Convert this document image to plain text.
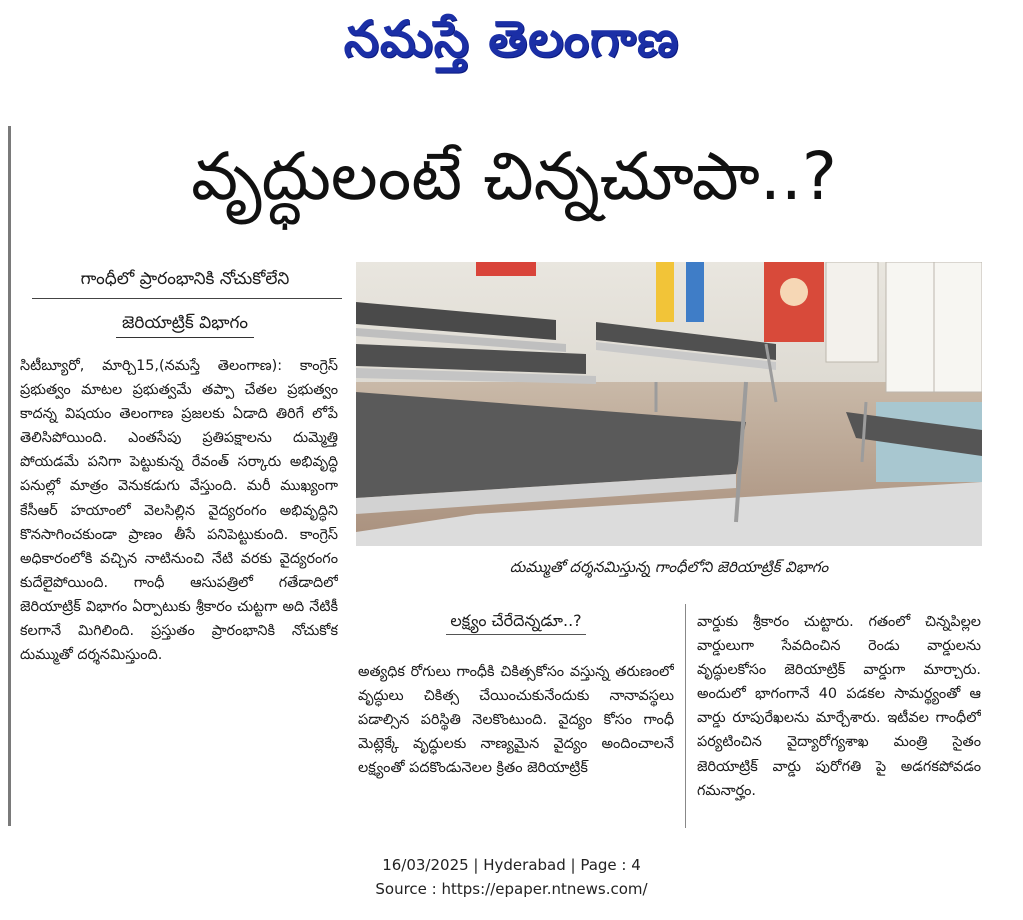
నమస్తే తెలంగాణ
వృద్ధులంటే చిన్నచూపా..?
గాంధీలో ప్రారంభానికి నోచుకోలేని
జెరియాట్రిక్ విభాగం

సిటీబ్యూరో, మార్చి15,(నమస్తే తెలంగాణ): కాంగ్రెస్ ప్రభుత్వం మాటల ప్రభుత్వమే తప్పా చేతల ప్రభుత్వం కాదన్న విషయం తెలంగాణ ప్రజలకు ఏడాది తిరిగే లోపే తెలిసిపోయింది. ఎంతసేపు ప్రతిపక్షాలను దుమ్మెత్తి పోయడమే పనిగా పెట్టుకున్న రేవంత్ సర్కారు అభివృద్ధి పనుల్లో మాత్రం వెనుకడుగు వేస్తుంది. మరీ ముఖ్యంగా కేసీఆర్ హయాంలో వెలసిల్లిన వైద్యరంగం అభివృద్ధిని కొనసాగించకుండా ప్రాణం తీసే పనిపెట్టుకుంది. కాంగ్రెస్ అధికారంలోకి వచ్చిన నాటినుంచి నేటి వరకు వైద్యరంగం కుదేలైపోయింది. గాంధీ ఆసుపత్రిలో గతేడాదిలో జెరియాట్రిక్ విభాగం ఏర్పాటుకు శ్రీకారం చుట్టగా అది నేటికీ కలగానే మిగిలింది. ప్రస్తుతం ప్రారంభానికి నోచుకోక దుమ్ముతో దర్శనమిస్తుంది.

దుమ్ముతో దర్శనమిస్తున్న గాంధీలోని జెరియాట్రిక్ విభాగం
లక్ష్యం చేరేదెన్నడూ..?

అత్యధిక రోగులు గాంధీకి చికిత్సకోసం వస్తున్న తరుణంలో వృద్ధులు చికిత్స చేయించుకునేందుకు నానావస్థలు పడాల్సిన పరిస్థితి నెలకొంటుంది. వైద్యం కోసం గాంధీ మెట్లెక్కే వృద్ధులకు నాణ్యమైన వైద్యం అందించాలనే లక్ష్యంతో పదకొండునెలల క్రితం జెరియాట్రిక్

వార్డుకు శ్రీకారం చుట్టారు. గతంలో చిన్నపిల్లల వార్డులుగా సేవదించిన రెండు వార్డులను వృద్ధులకోసం జెరియాట్రిక్ వార్డుగా మార్చారు. అందులో భాగంగానే 40 పడకల సామర్థ్యంతో ఆ వార్డు రూపురేఖలను మార్చేశారు. ఇటీవల గాంధీలో పర్యటించిన వైద్యారోగ్యశాఖ మంత్రి సైతం జెరియాట్రిక్ వార్డు పురోగతి పై అడగకపోవడం గమనార్హం.

16/03/2025 | Hyderabad | Page : 4
Source : https://epaper.ntnews.com/
